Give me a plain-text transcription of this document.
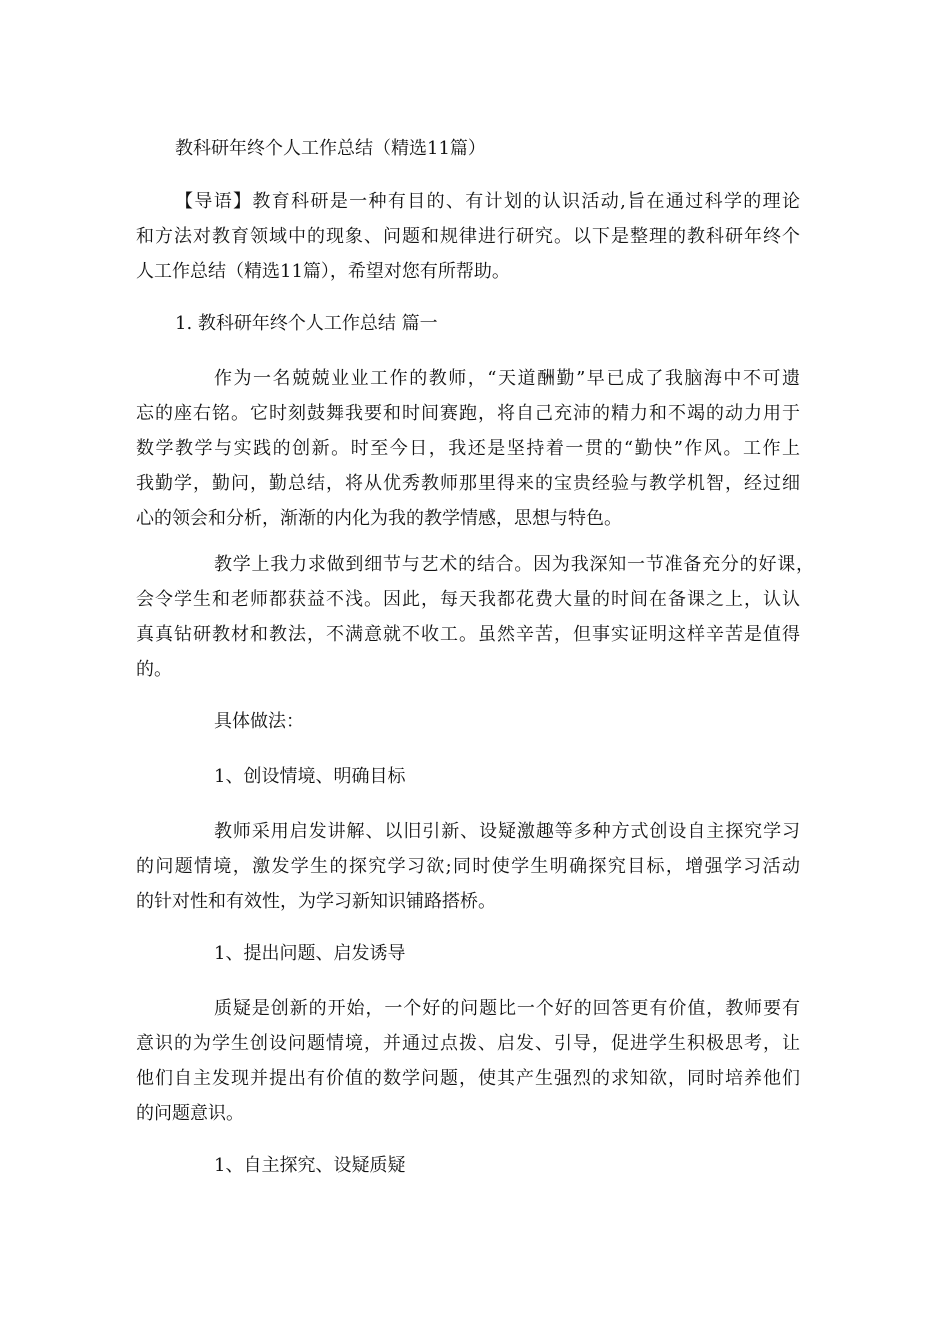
教科研年终个人工作总结（精选11篇）
【导语】教育科研是一种有目的、有计划的认识活动,旨在通过科学的理论
和方法对教育领域中的现象、问题和规律进行研究。以下是整理的教科研年终个
人工作总结（精选11篇），希望对您有所帮助。
1. 教科研年终个人工作总结 篇一
作为一名兢兢业业工作的教师，“天道酬勤”早已成了我脑海中不可遗
忘的座右铭。它时刻鼓舞我要和时间赛跑，将自己充沛的精力和不竭的动力用于
数学教学与实践的创新。时至今日，我还是坚持着一贯的“勤快”作风。工作上
我勤学，勤问，勤总结，将从优秀教师那里得来的宝贵经验与教学机智，经过细
心的领会和分析，渐渐的内化为我的教学情感，思想与特色。
教学上我力求做到细节与艺术的结合。因为我深知一节准备充分的好课，
会令学生和老师都获益不浅。因此，每天我都花费大量的时间在备课之上，认认
真真钻研教材和教法，不满意就不收工。虽然辛苦，但事实证明这样辛苦是值得
的。
具体做法：
1、创设情境、明确目标
教师采用启发讲解、以旧引新、设疑激趣等多种方式创设自主探究学习
的问题情境，激发学生的探究学习欲;同时使学生明确探究目标，增强学习活动
的针对性和有效性，为学习新知识铺路搭桥。
1、提出问题、启发诱导
质疑是创新的开始，一个好的问题比一个好的回答更有价值，教师要有
意识的为学生创设问题情境，并通过点拨、启发、引导，促进学生积极思考，让
他们自主发现并提出有价值的数学问题，使其产生强烈的求知欲，同时培养他们
的问题意识。
1、自主探究、设疑质疑
